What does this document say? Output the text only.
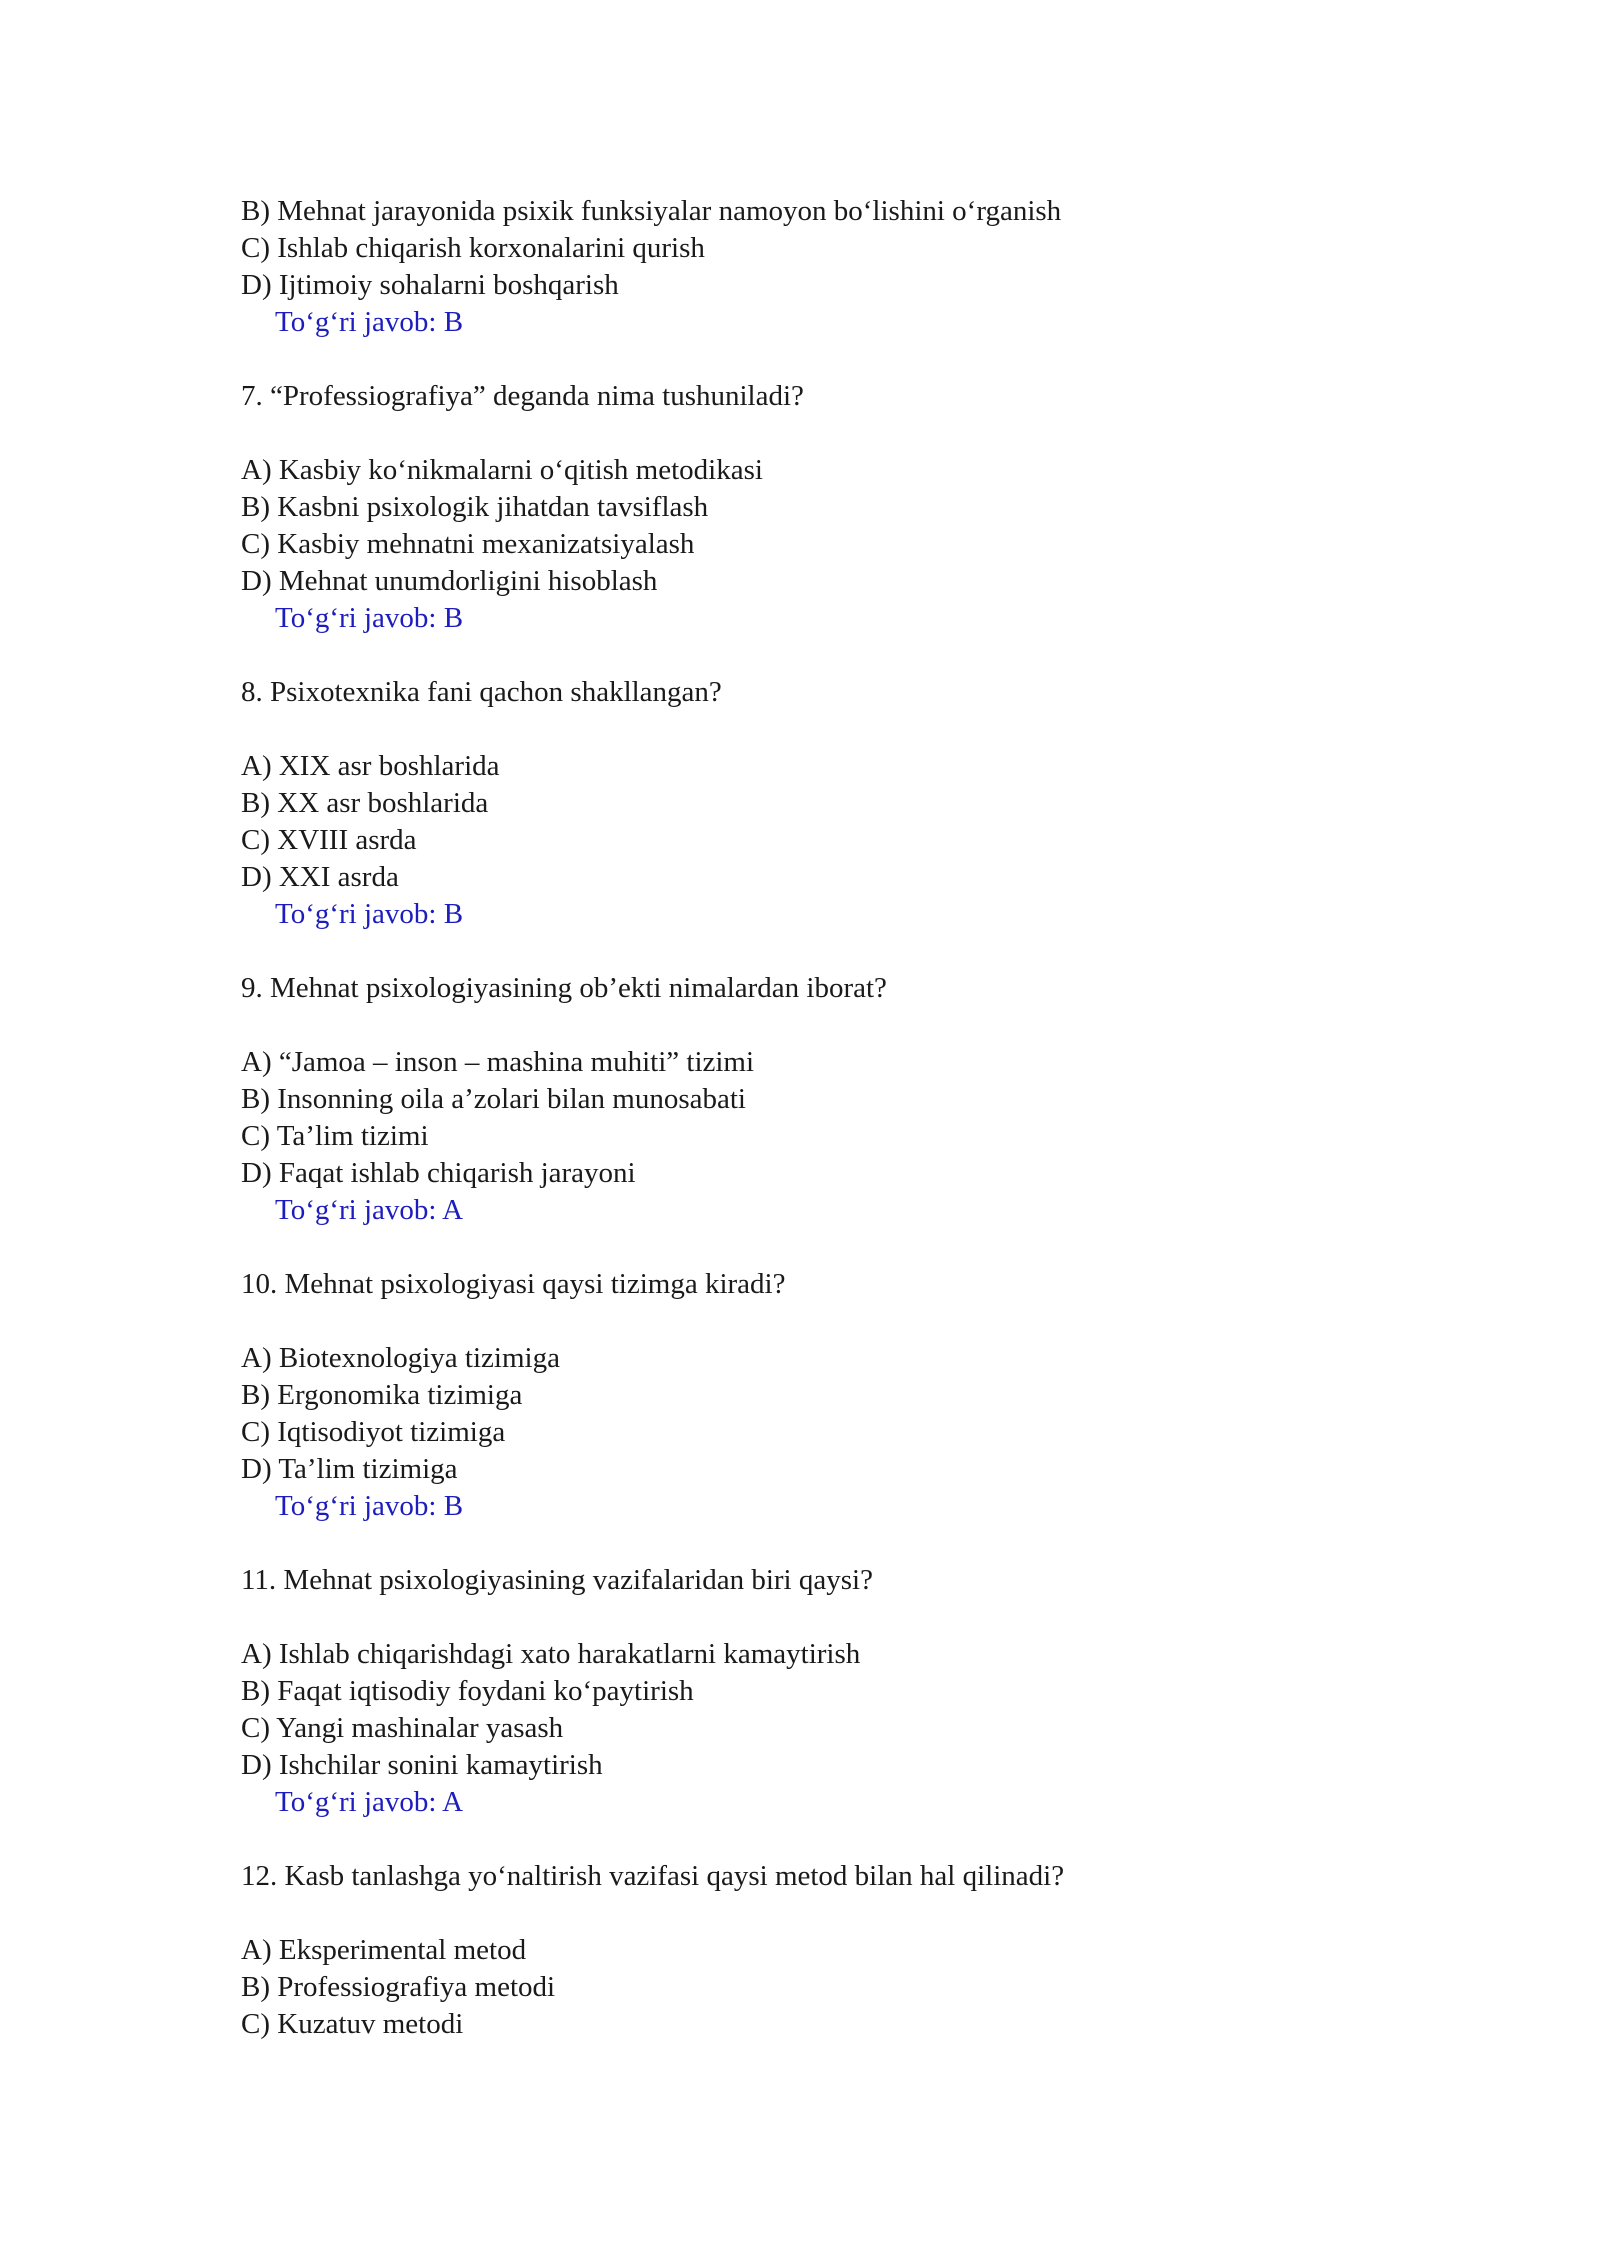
B) Mehnat jarayonida psixik funksiyalar namoyon bo‘lishini o‘rganish
C) Ishlab chiqarish korxonalarini qurish
D) Ijtimoiy sohalarni boshqarish
To‘g‘ri javob: B
7. “Professiografiya” deganda nima tushuniladi?
A) Kasbiy ko‘nikmalarni o‘qitish metodikasi
B) Kasbni psixologik jihatdan tavsiflash
C) Kasbiy mehnatni mexanizatsiyalash
D) Mehnat unumdorligini hisoblash
To‘g‘ri javob: B
8. Psixotexnika fani qachon shakllangan?
A) XIX asr boshlarida
B) XX asr boshlarida
C) XVIII asrda
D) XXI asrda
To‘g‘ri javob: B
9. Mehnat psixologiyasining ob’ekti nimalardan iborat?
A) “Jamoa – inson – mashina muhiti” tizimi
B) Insonning oila a’zolari bilan munosabati
C) Ta’lim tizimi
D) Faqat ishlab chiqarish jarayoni
To‘g‘ri javob: A
10. Mehnat psixologiyasi qaysi tizimga kiradi?
A) Biotexnologiya tizimiga
B) Ergonomika tizimiga
C) Iqtisodiyot tizimiga
D) Ta’lim tizimiga
To‘g‘ri javob: B
11. Mehnat psixologiyasining vazifalaridan biri qaysi?
A) Ishlab chiqarishdagi xato harakatlarni kamaytirish
B) Faqat iqtisodiy foydani ko‘paytirish
C) Yangi mashinalar yasash
D) Ishchilar sonini kamaytirish
To‘g‘ri javob: A
12. Kasb tanlashga yo‘naltirish vazifasi qaysi metod bilan hal qilinadi?
A) Eksperimental metod
B) Professiografiya metodi
C) Kuzatuv metodi
